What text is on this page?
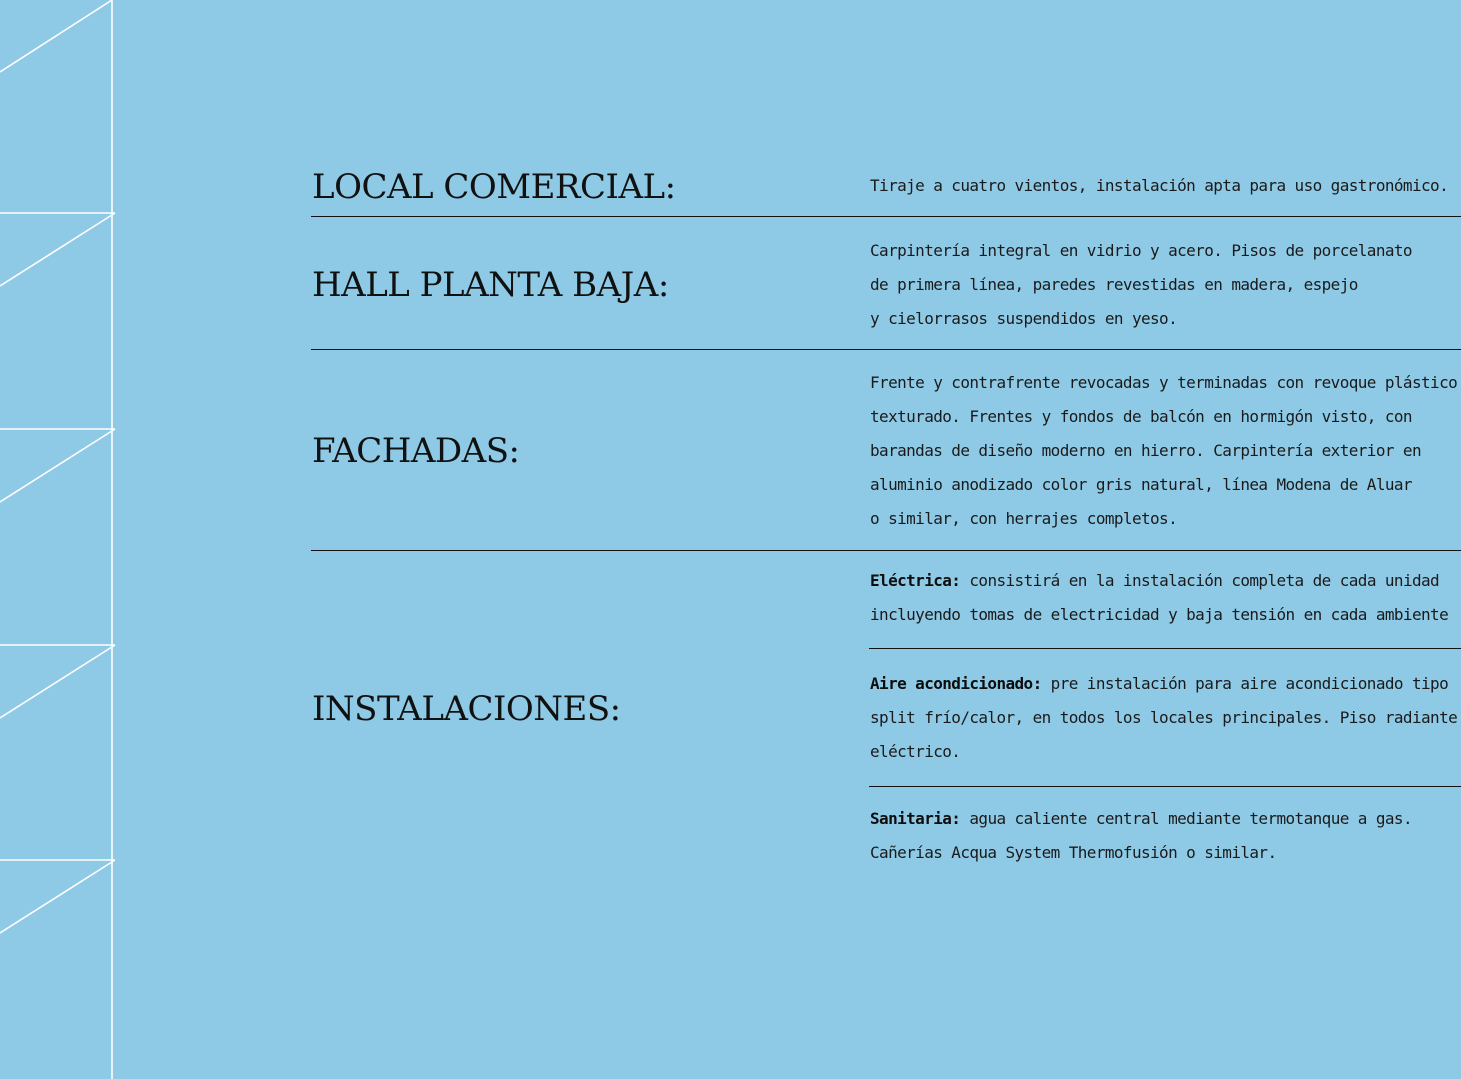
LOCAL COMERCIAL:	Tiraje a cuatro vientos, instalación apta para uso gastronómico.

HALL PLANTA BAJA:

Carpintería integral en vidrio y acero. Pisos de porcelanato

de primera línea, paredes revestidas en madera, espejo

y cielorrasos suspendidos en yeso.

FACHADAS:

Frente y contrafrente revocadas y terminadas con revoque plástico

texturado. Frentes y fondos de balcón en hormigón visto, con

barandas de diseño moderno en hierro. Carpintería exterior en

aluminio anodizado color gris natural, línea Modena de Aluar

o similar, con herrajes completos.

INSTALACIONES:

Eléctrica: consistirá en la instalación completa de cada unidad

incluyendo tomas de electricidad y baja tensión en cada ambiente

Aire acondicionado: pre instalación para aire acondicionado tipo

split frío/calor, en todos los locales principales. Piso radiante

eléctrico.

Sanitaria: agua caliente central mediante termotanque a gas.

Cañerías Acqua System Thermofusión o similar.
